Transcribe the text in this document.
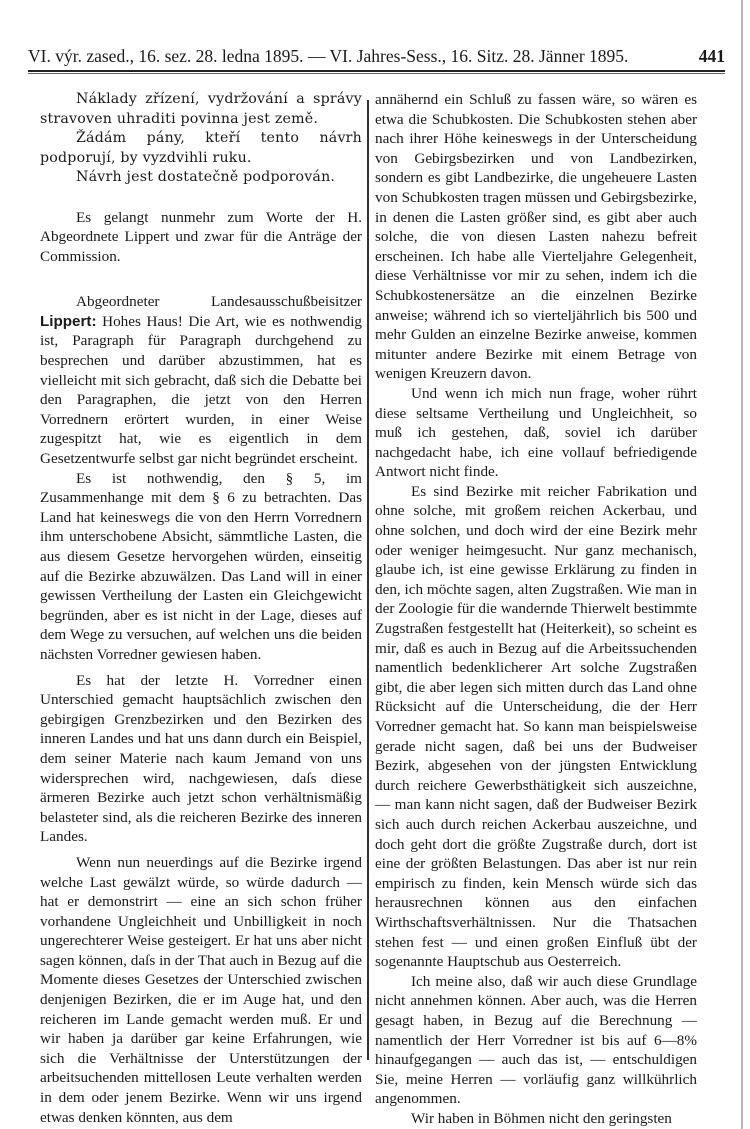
VI. výr. zased., 16. sez. 28. ledna 1895. — VI. Jahres-Sess., 16. Sitz. 28. Jänner 1895.	441

Náklady zřízení, vydržování a správy stravoven uhraditi povinna jest země.

Žádám pány, kteří tento návrh podporují, by vyzdvihli ruku.

Návrh jest dostatečně podporován.

Es gelangt nunmehr zum Worte der H. Abgeordnete Lippert und zwar für die Anträge der Commission.

Abgeordneter Landesausschußbeisitzer Lippert: Hohes Haus! Die Art, wie es nothwendig ist, Paragraph für Paragraph durchgehend zu besprechen und darüber abzustimmen, hat es vielleicht mit sich gebracht, daß sich die Debatte bei den Paragraphen, die jetzt von den Herren Vorrednern erörtert wurden, in einer Weise zugespitzt hat, wie es eigentlich in dem Gesetzentwurfe selbst gar nicht begründet erscheint.

Es ist nothwendig, den § 5, im Zusammenhange mit dem § 6 zu betrachten. Das Land hat keineswegs die von den Herrn Vorrednern ihm unterschobene Absicht, sämmtliche Lasten, die aus diesem Gesetze hervorgehen würden, einseitig auf die Bezirke abzuwälzen. Das Land will in einer gewissen Vertheilung der Lasten ein Gleichgewicht begründen, aber es ist nicht in der Lage, dieses auf dem Wege zu versuchen, auf welchen uns die beiden nächsten Vorredner gewiesen haben.

Es hat der letzte H. Vorredner einen Unterschied gemacht hauptsächlich zwischen den gebirgigen Grenzbezirken und den Bezirken des inneren Landes und hat uns dann durch ein Beispiel, dem seiner Materie nach kaum Jemand von uns widersprechen wird, nachgewiesen, daſs diese ärmeren Bezirke auch jetzt schon verhältnismäßig belasteter sind, als die reicheren Bezirke des inneren Landes.

Wenn nun neuerdings auf die Bezirke irgend welche Last gewälzt würde, so würde dadurch — hat er demonstrirt — eine an sich schon früher vorhandene Ungleichheit und Unbilligkeit in noch ungerechterer Weise gesteigert. Er hat uns aber nicht sagen können, daſs in der That auch in Bezug auf die Momente dieses Gesetzes der Unterschied zwischen denjenigen Bezirken, die er im Auge hat, und den reicheren im Lande gemacht werden muß. Er und wir haben ja darüber gar keine Erfahrungen, wie sich die Verhältnisse der Unterstützungen der arbeitsuchenden mittellosen Leute verhalten werden in dem oder jenem Bezirke. Wenn wir uns irgend etwas denken könnten, aus dem

annähernd ein Schluß zu fassen wäre, so wären es etwa die Schubkosten. Die Schubkosten stehen aber nach ihrer Höhe keineswegs in der Unterscheidung von Gebirgsbezirken und von Landbezirken, sondern es gibt Landbezirke, die ungeheuere Lasten von Schubkosten tragen müssen und Gebirgsbezirke, in denen die Lasten größer sind, es gibt aber auch solche, die von diesen Lasten nahezu befreit erscheinen. Ich habe alle Vierteljahre Gelegenheit, diese Verhältnisse vor mir zu sehen, indem ich die Schubkostenersätze an die einzelnen Bezirke anweise; während ich so vierteljährlich bis 500 und mehr Gulden an einzelne Bezirke anweise, kommen mitunter andere Bezirke mit einem Betrage von wenigen Kreuzern davon.

Und wenn ich mich nun frage, woher rührt diese seltsame Vertheilung und Ungleichheit, so muß ich gestehen, daß, soviel ich darüber nachgedacht habe, ich eine vollauf befriedigende Antwort nicht finde.

Es sind Bezirke mit reicher Fabrikation und ohne solche, mit großem reichen Ackerbau, und ohne solchen, und doch wird der eine Bezirk mehr oder weniger heimgesucht. Nur ganz mechanisch, glaube ich, ist eine gewisse Erklärung zu finden in den, ich möchte sagen, alten Zugstraßen. Wie man in der Zoologie für die wandernde Thierwelt bestimmte Zugstraßen festgestellt hat (Heiterkeit), so scheint es mir, daß es auch in Bezug auf die Arbeitssuchenden namentlich bedenklicherer Art solche Zugstraßen gibt, die aber legen sich mitten durch das Land ohne Rücksicht auf die Unterscheidung, die der Herr Vorredner gemacht hat. So kann man beispielsweise gerade nicht sagen, daß bei uns der Budweiser Bezirk, abgesehen von der jüngsten Entwicklung durch reichere Gewerbsthätigkeit sich auszeichne, — man kann nicht sagen, daß der Budweiser Bezirk sich auch durch reichen Ackerbau auszeichne, und doch geht dort die größte Zugstraße durch, dort ist eine der größten Belastungen. Das aber ist nur rein empirisch zu finden, kein Mensch würde sich das herausrechnen können aus den einfachen Wirthschaftsverhältnissen. Nur die Thatsachen stehen fest — und einen großen Einfluß übt der sogenannte Hauptschub aus Oesterreich.

Ich meine also, daß wir auch diese Grundlage nicht annehmen können. Aber auch, was die Herren gesagt haben, in Bezug auf die Berechnung — namentlich der Herr Vorredner ist bis auf 6—8% hinaufgegangen — auch das ist, — entschuldigen Sie, meine Herren — vorläufig ganz willkührlich angenommen.

Wir haben in Böhmen nicht den geringsten
